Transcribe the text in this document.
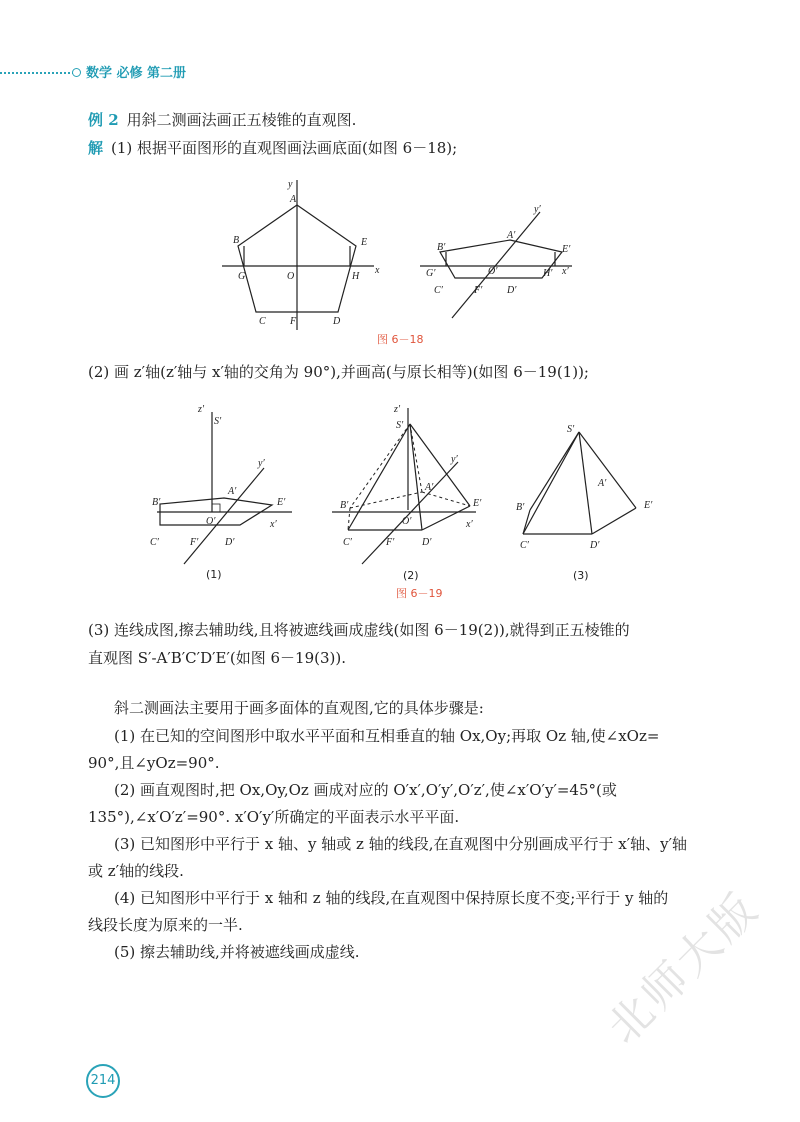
数学 必修 第二册
例 2 用斜二测画法画正五棱锥的直观图.
解 (1) 根据平面图形的直观图画法画底面(如图 6－18);
y
A
B	E
G	O	H
x
C F	D
y′
A′
B′	E′
G′	O′	H′ x′
C′	F′ D′
图 6－18
(2) 画 z′轴(z′轴与 x′轴的交角为 90°),并画高(与原长相等)(如图 6－19(1));
z′
S′
y′
A′
B′	E′
O′	x′
C′	F′	D′
z′
S′
y′
A′
B′	E′
O′	x′
C′	F′	D′
S′
A′
B′	E′
C′	D′
(1)	(2)	(3)
图 6－19
(3) 连线成图,擦去辅助线,且将被遮线画成虚线(如图 6－19(2)),就得到正五棱锥的
直观图 S′-A′B′C′D′E′(如图 6－19(3)).
斜二测画法主要用于画多面体的直观图,它的具体步骤是:
(1) 在已知的空间图形中取水平平面和互相垂直的轴 Ox,Oy;再取 Oz 轴,使∠xOz=
90°,且∠yOz=90°.
(2) 画直观图时,把 Ox,Oy,Oz 画成对应的 O′x′,O′y′,O′z′,使∠x′O′y′=45°(或
135°),∠x′O′z′=90°. x′O′y′所确定的平面表示水平平面.
(3) 已知图形中平行于 x 轴、y 轴或 z 轴的线段,在直观图中分别画成平行于 x′轴、y′轴
或 z′轴的线段.
(4) 已知图形中平行于 x 轴和 z 轴的线段,在直观图中保持原长度不变;平行于 y 轴的
线段长度为原来的一半.
(5) 擦去辅助线,并将被遮线画成虚线.
214
北师大版
